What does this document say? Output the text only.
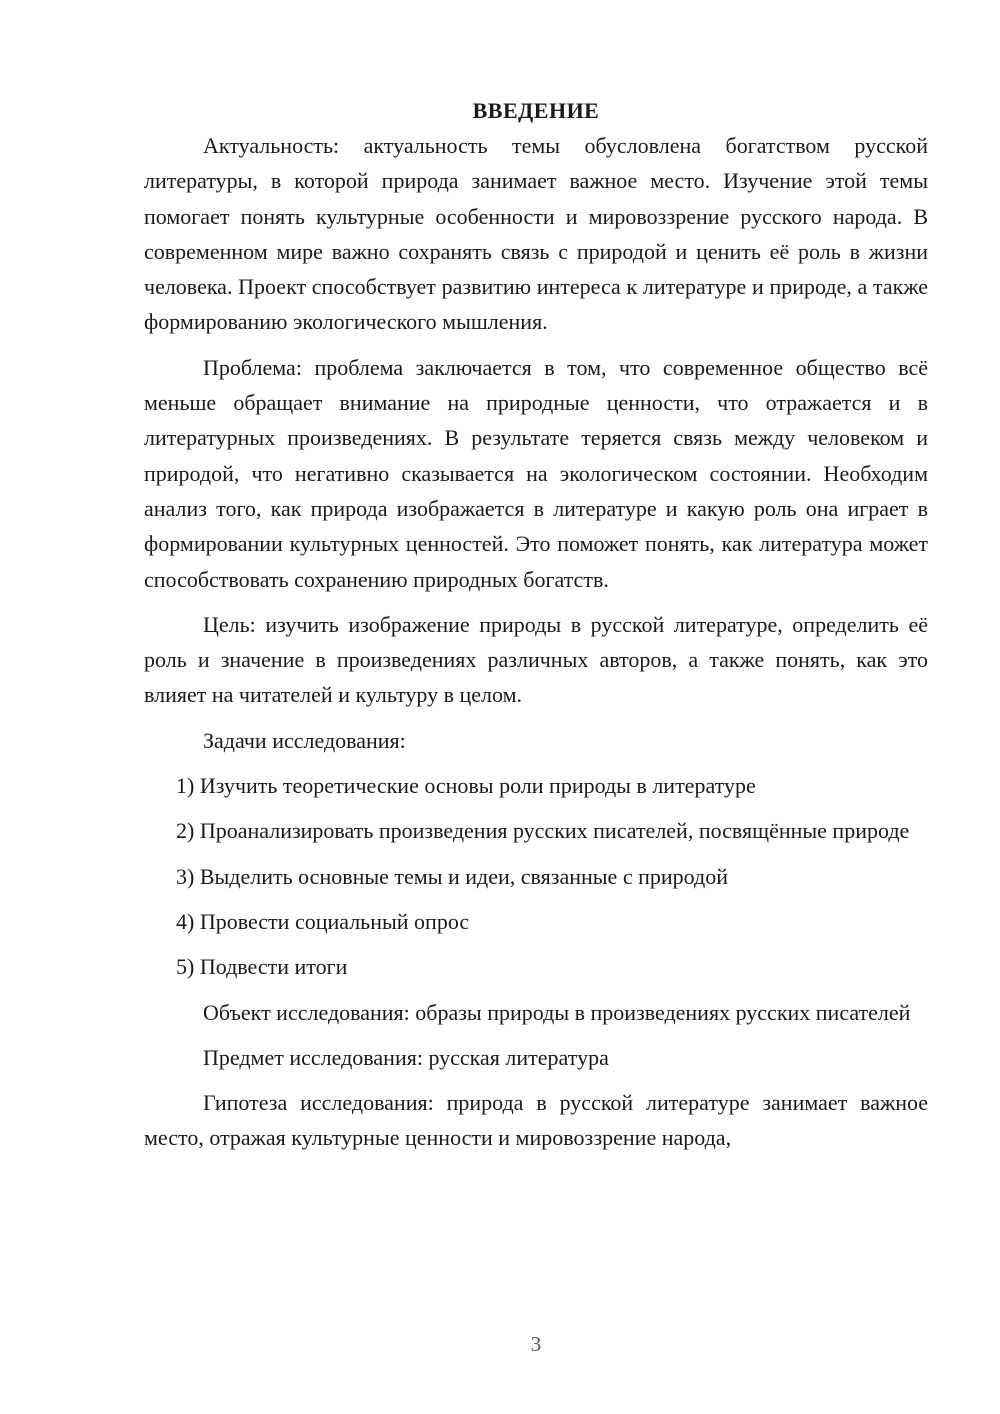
ВВЕДЕНИЕ

Актуальность: актуальность темы обусловлена богатством русской литературы, в которой природа занимает важное место. Изучение этой темы помогает понять культурные особенности и мировоззрение русского народа. В современном мире важно сохранять связь с природой и ценить её роль в жизни человека. Проект способствует развитию интереса к литературе и природе, а также формированию экологического мышления.

Проблема: проблема заключается в том, что современное общество всё меньше обращает внимание на природные ценности, что отражается и в литературных произведениях. В результате теряется связь между человеком и природой, что негативно сказывается на экологическом состоянии. Необходим анализ того, как природа изображается в литературе и какую роль она играет в формировании культурных ценностей. Это поможет понять, как литература может способствовать сохранению природных богатств.

Цель: изучить изображение природы в русской литературе, определить её роль и значение в произведениях различных авторов, а также понять, как это влияет на читателей и культуру в целом.

Задачи исследования:

1) Изучить теоретические основы роли природы в литературе

2) Проанализировать произведения русских писателей, посвящённые природе

3) Выделить основные темы и идеи, связанные с природой

4) Провести социальный опрос

5) Подвести итоги

Объект исследования: образы природы в произведениях русских писателей

Предмет исследования: русская литература

Гипотеза исследования: природа в русской литературе занимает важное место, отражая культурные ценности и мировоззрение народа,

3
